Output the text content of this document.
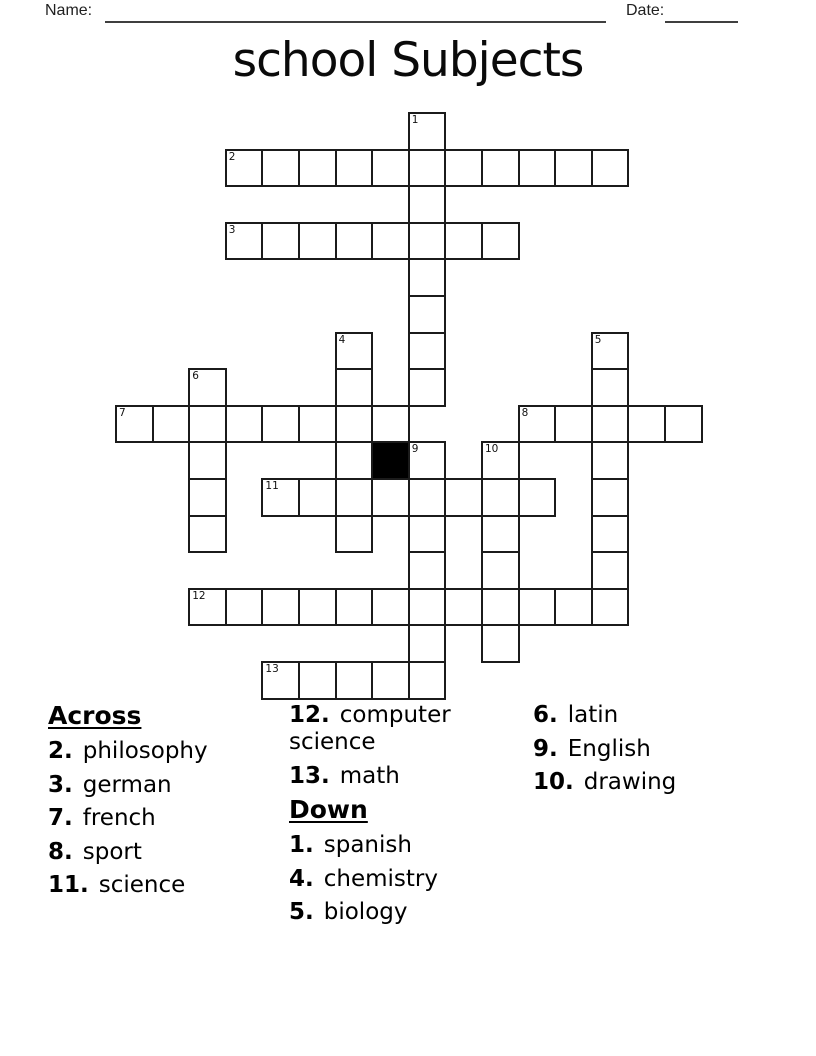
Name:	Date:
school Subjects
1
2
3
4	5
6
7	8
9	10
11
12
13
Across
2. philosophy
3. german
7. french
8. sport
11. science
12. computer science
13. math
Down
1. spanish
4. chemistry
5. biology
6. latin
9. English
10. drawing
